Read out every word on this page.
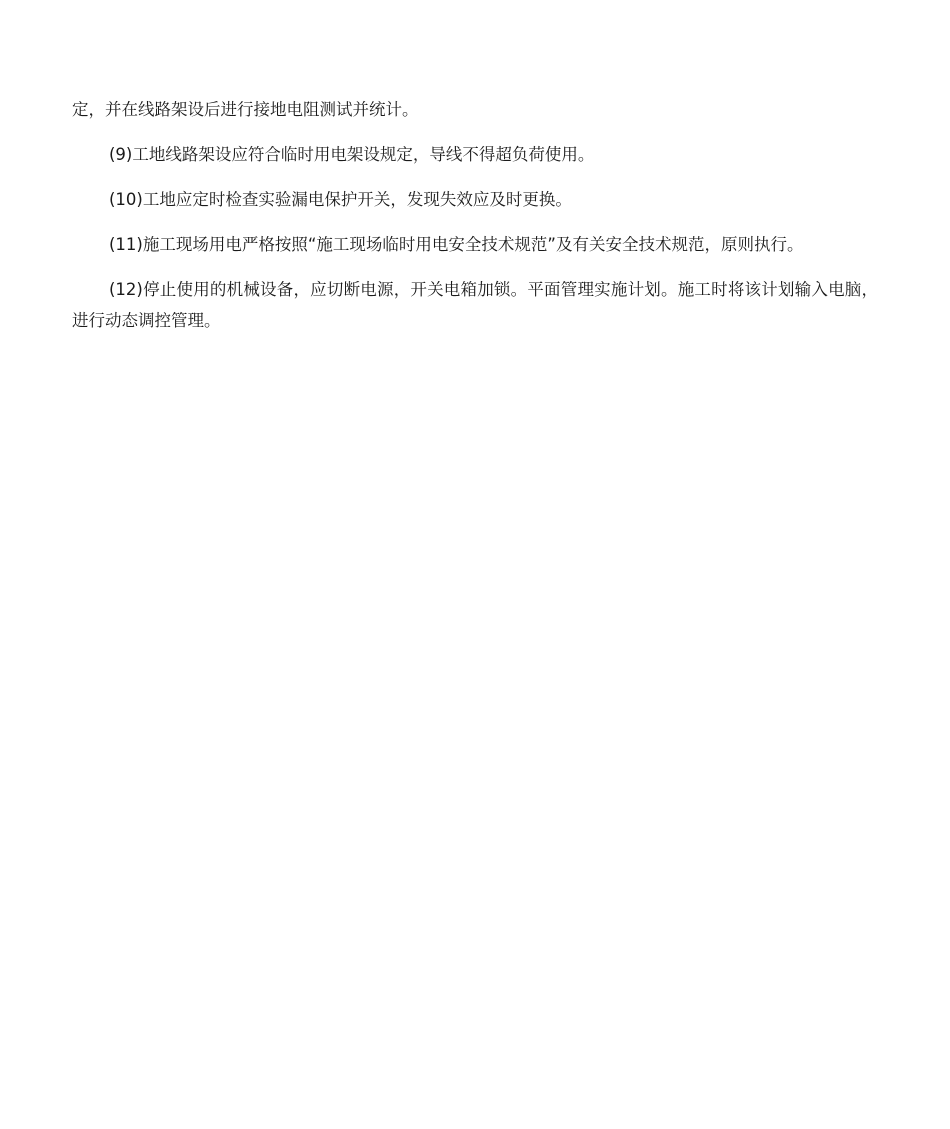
定，并在线路架设后进行接地电阻测试并统计。

(9)工地线路架设应符合临时用电架设规定，导线不得超负荷使用。

(10)工地应定时检查实验漏电保护开关，发现失效应及时更换。

(11)施工现场用电严格按照“施工现场临时用电安全技术规范”及有关安全技术规范，原则执行。

(12)停止使用的机械设备，应切断电源，开关电箱加锁。平面管理实施计划。施工时将该计划输入电脑，进行动态调控管理。
